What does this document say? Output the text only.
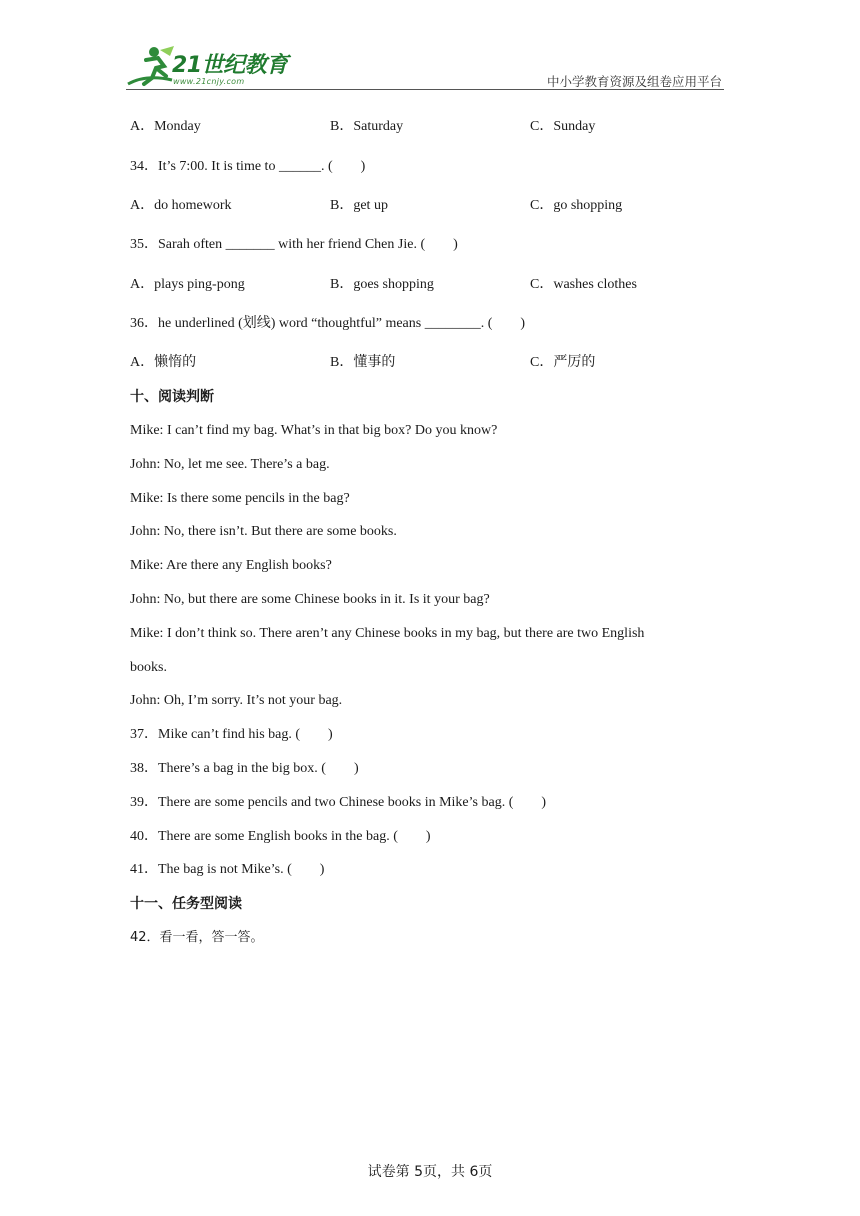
21世纪教育
www.21cnjy.com	中小学教育资源及组卷应用平台
A．Monday	B．Saturday	C．Sunday
34．It’s 7:00. It is time to ______. (　　)
A．do homework	B．get up	C．go shopping
35．Sarah often _______ with her friend Chen Jie. (　　)
A．plays ping-pong	B．goes shopping	C．washes clothes
36．he underlined (划线) word “thoughtful” means ________. (　　)
A．懒惰的	B．懂事的	C．严厉的
十、阅读判断
Mike: I can’t find my bag. What’s in that big box? Do you know?
John: No, let me see. There’s a bag.
Mike: Is there some pencils in the bag?
John: No, there isn’t. But there are some books.
Mike: Are there any English books?
John: No, but there are some Chinese books in it. Is it your bag?
Mike: I don’t think so. There aren’t any Chinese books in my bag, but there are two English
books.
John: Oh, I’m sorry. It’s not your bag.
37．Mike can’t find his bag. (　　)
38．There’s a bag in the big box. (　　)
39．There are some pencils and two Chinese books in Mike’s bag. (　　)
40．There are some English books in the bag. (　　)
41．The bag is not Mike’s. (　　)
十一、任务型阅读
42．看一看，答一答。
试卷第 5页，共 6页
